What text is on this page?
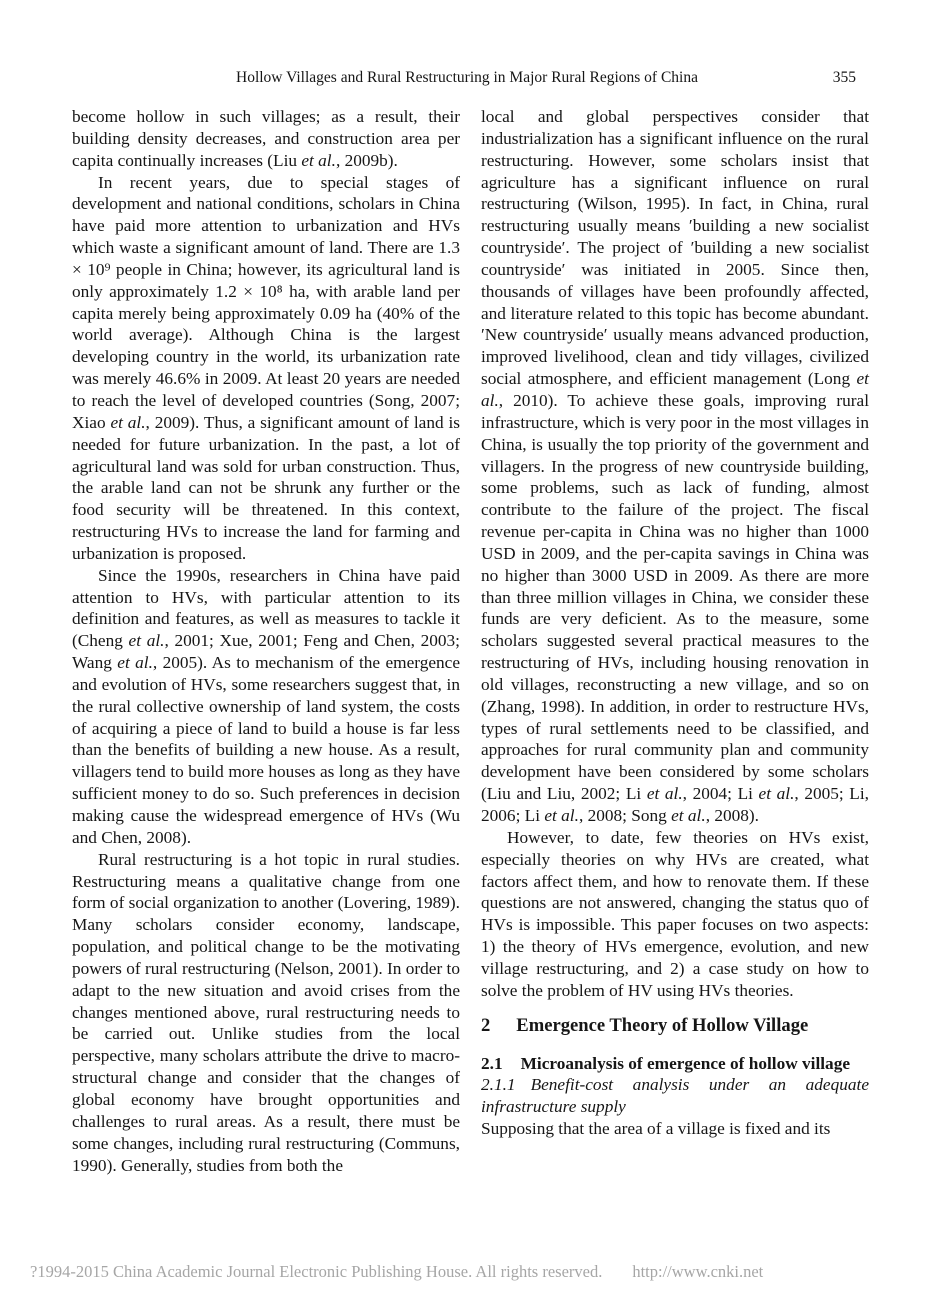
Hollow Villages and Rural Restructuring in Major Rural Regions of China	355

become hollow in such villages; as a result, their building density decreases, and construction area per capita continually increases (Liu et al., 2009b).

In recent years, due to special stages of development and national conditions, scholars in China have paid more attention to urbanization and HVs which waste a significant amount of land. There are 1.3 × 10⁹ people in China; however, its agricultural land is only approximately 1.2 × 10⁸ ha, with arable land per capita merely being approximately 0.09 ha (40% of the world average). Although China is the largest developing country in the world, its urbanization rate was merely 46.6% in 2009. At least 20 years are needed to reach the level of developed countries (Song, 2007; Xiao et al., 2009). Thus, a significant amount of land is needed for future urbanization. In the past, a lot of agricultural land was sold for urban construction. Thus, the arable land can not be shrunk any further or the food security will be threatened. In this context, restructuring HVs to increase the land for farming and urbanization is proposed.

Since the 1990s, researchers in China have paid attention to HVs, with particular attention to its definition and features, as well as measures to tackle it (Cheng et al., 2001; Xue, 2001; Feng and Chen, 2003; Wang et al., 2005). As to mechanism of the emergence and evolution of HVs, some researchers suggest that, in the rural collective ownership of land system, the costs of acquiring a piece of land to build a house is far less than the benefits of building a new house. As a result, villagers tend to build more houses as long as they have sufficient money to do so. Such preferences in decision making cause the widespread emergence of HVs (Wu and Chen, 2008).

Rural restructuring is a hot topic in rural studies. Restructuring means a qualitative change from one form of social organization to another (Lovering, 1989). Many scholars consider economy, landscape, population, and political change to be the motivating powers of rural restructuring (Nelson, 2001). In order to adapt to the new situation and avoid crises from the changes mentioned above, rural restructuring needs to be carried out. Unlike studies from the local perspective, many scholars attribute the drive to macro-structural change and consider that the changes of global economy have brought opportunities and challenges to rural areas. As a result, there must be some changes, including rural restructuring (Communs, 1990). Generally, studies from both the

local and global perspectives consider that industrialization has a significant influence on the rural restructuring. However, some scholars insist that agriculture has a significant influence on rural restructuring (Wilson, 1995). In fact, in China, rural restructuring usually means ′building a new socialist countryside′. The project of ′building a new socialist countryside′ was initiated in 2005. Since then, thousands of villages have been profoundly affected, and literature related to this topic has become abundant. ′New countryside′ usually means advanced production, improved livelihood, clean and tidy villages, civilized social atmosphere, and efficient management (Long et al., 2010). To achieve these goals, improving rural infrastructure, which is very poor in the most villages in China, is usually the top priority of the government and villagers. In the progress of new countryside building, some problems, such as lack of funding, almost contribute to the failure of the project. The fiscal revenue per-capita in China was no higher than 1000 USD in 2009, and the per-capita savings in China was no higher than 3000 USD in 2009. As there are more than three million villages in China, we consider these funds are very deficient. As to the measure, some scholars suggested several practical measures to the restructuring of HVs, including housing renovation in old villages, reconstructing a new village, and so on (Zhang, 1998). In addition, in order to restructure HVs, types of rural settlements need to be classified, and approaches for rural community plan and community development have been considered by some scholars (Liu and Liu, 2002; Li et al., 2004; Li et al., 2005; Li, 2006; Li et al., 2008; Song et al., 2008).

However, to date, few theories on HVs exist, especially theories on why HVs are created, what factors affect them, and how to renovate them. If these questions are not answered, changing the status quo of HVs is impossible. This paper focuses on two aspects: 1) the theory of HVs emergence, evolution, and new village restructuring, and 2) a case study on how to solve the problem of HV using HVs theories.

2 Emergence Theory of Hollow Village
2.1 Microanalysis of emergence of hollow village

2.1.1 Benefit-cost analysis under an adequate infrastructure supply

Supposing that the area of a village is fixed and its

?1994-2015 China Academic Journal Electronic Publishing House. All rights reserved. http://www.cnki.net
